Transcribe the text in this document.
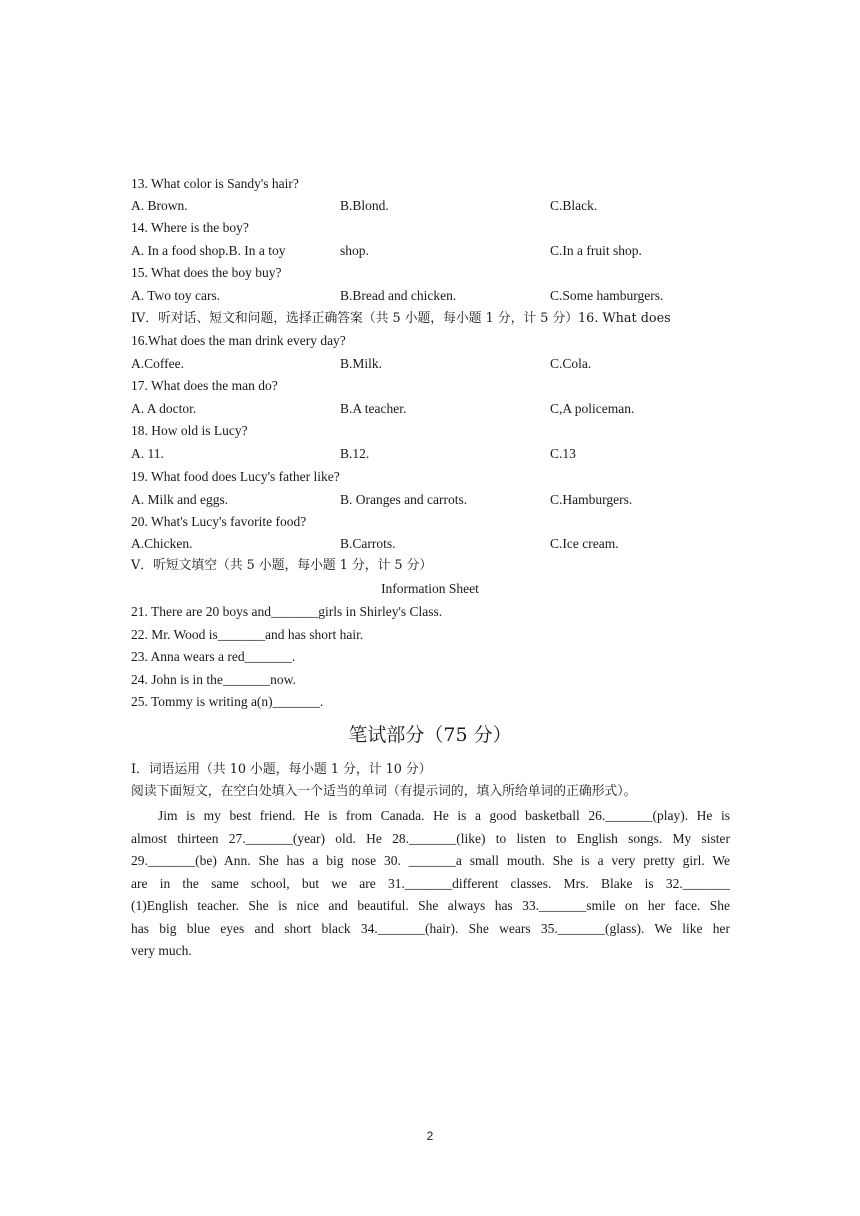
13. What color is Sandy's hair?
A. Brown.	B.Blond.	C.Black.
14. Where is the boy?
A. In a food shop.B. In a toy	shop.	C.In a fruit shop.
15. What does the boy buy?
A. Two toy cars.	B.Bread and chicken.	C.Some hamburgers.
IV．听对话、短文和问题，选择正确答案（共 5 小题，每小题 1 分，计 5 分）16. What does
16.What does the man drink every day?
A.Coffee.	B.Milk.	C.Cola.
17. What does the man do?
A. A doctor.	B.A teacher.	C,A policeman.
18. How old is Lucy?
A. 11.	B.12.	C.13
19. What food does Lucy's father like?
A. Milk and eggs.	B. Oranges and carrots.	C.Hamburgers.
20. What's Lucy's favorite food?
A.Chicken.	B.Carrots.	C.Ice cream.
V．听短文填空（共 5 小题，每小题 1 分，计 5 分）
Information Sheet
21. There are 20 boys and_______girls in Shirley's Class.
22. Mr. Wood is_______and has short hair.
23. Anna wears a red_______.
24. John is in the_______now.
25. Tommy is writing a(n)_______.
笔试部分（75 分）
I．词语运用（共 10 小题，每小题 1 分，计 10 分）
阅读下面短文，在空白处填入一个适当的单词（有提示词的，填入所给单词的正确形式）。

Jim is my best friend. He is from Canada. He is a good basketball 26._______(play). He is

almost thirteen 27._______(year) old. He 28._______(like) to listen to English songs. My sister

29._______(be) Ann. She has a big nose 30. _______a small mouth. She is a very pretty girl. We

are in the same school, but we are 31._______different classes. Mrs. Blake is 32._______

(1)English teacher. She is nice and beautiful. She always has 33._______smile on her face. She

has big blue eyes and short black 34._______(hair). She wears 35._______(glass). We like her

very much.

2
